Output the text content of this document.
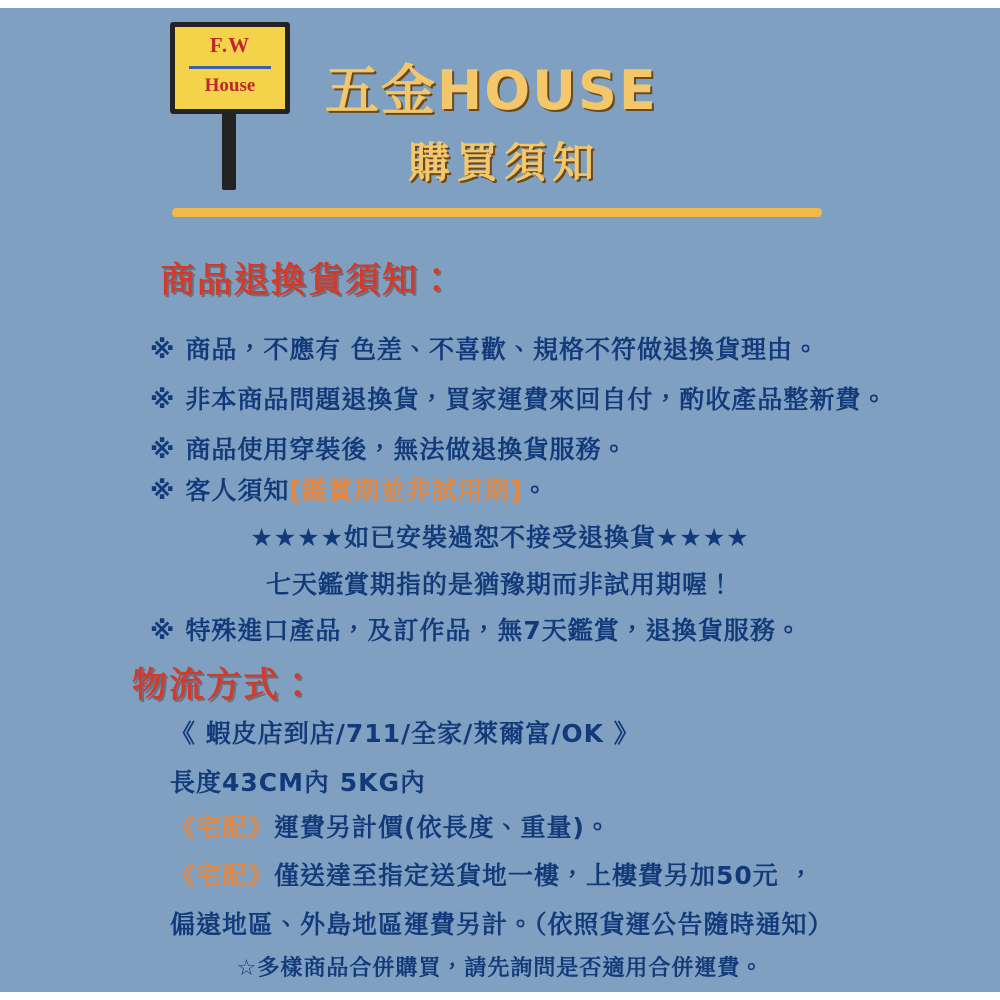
F.W
House	五金HOUSE
購買須知
商品退換貨須知：
※ 商品，不應有 色差、不喜歡、規格不符做退換貨理由。
※ 非本商品問題退換貨，買家運費來回自付，酌收產品整新費。
※ 商品使用穿裝後，無法做退換貨服務。
※ 客人須知[鑑賞期並非試用期]。
★★★★如已安裝過恕不接受退換貨★★★★
七天鑑賞期指的是猶豫期而非試用期喔！
※ 特殊進口產品，及訂作品，無7天鑑賞，退換貨服務。
物流方式：
《 蝦皮店到店/711/全家/萊爾富/OK 》
長度43CM內 5KG內
《宅配》運費另計價(依長度、重量)。
《宅配》僅送達至指定送貨地一樓，上樓費另加50元 ，
偏遠地區、外島地區運費另計。（依照貨運公告隨時通知）
☆多樣商品合併購買，請先詢問是否適用合併運費。
